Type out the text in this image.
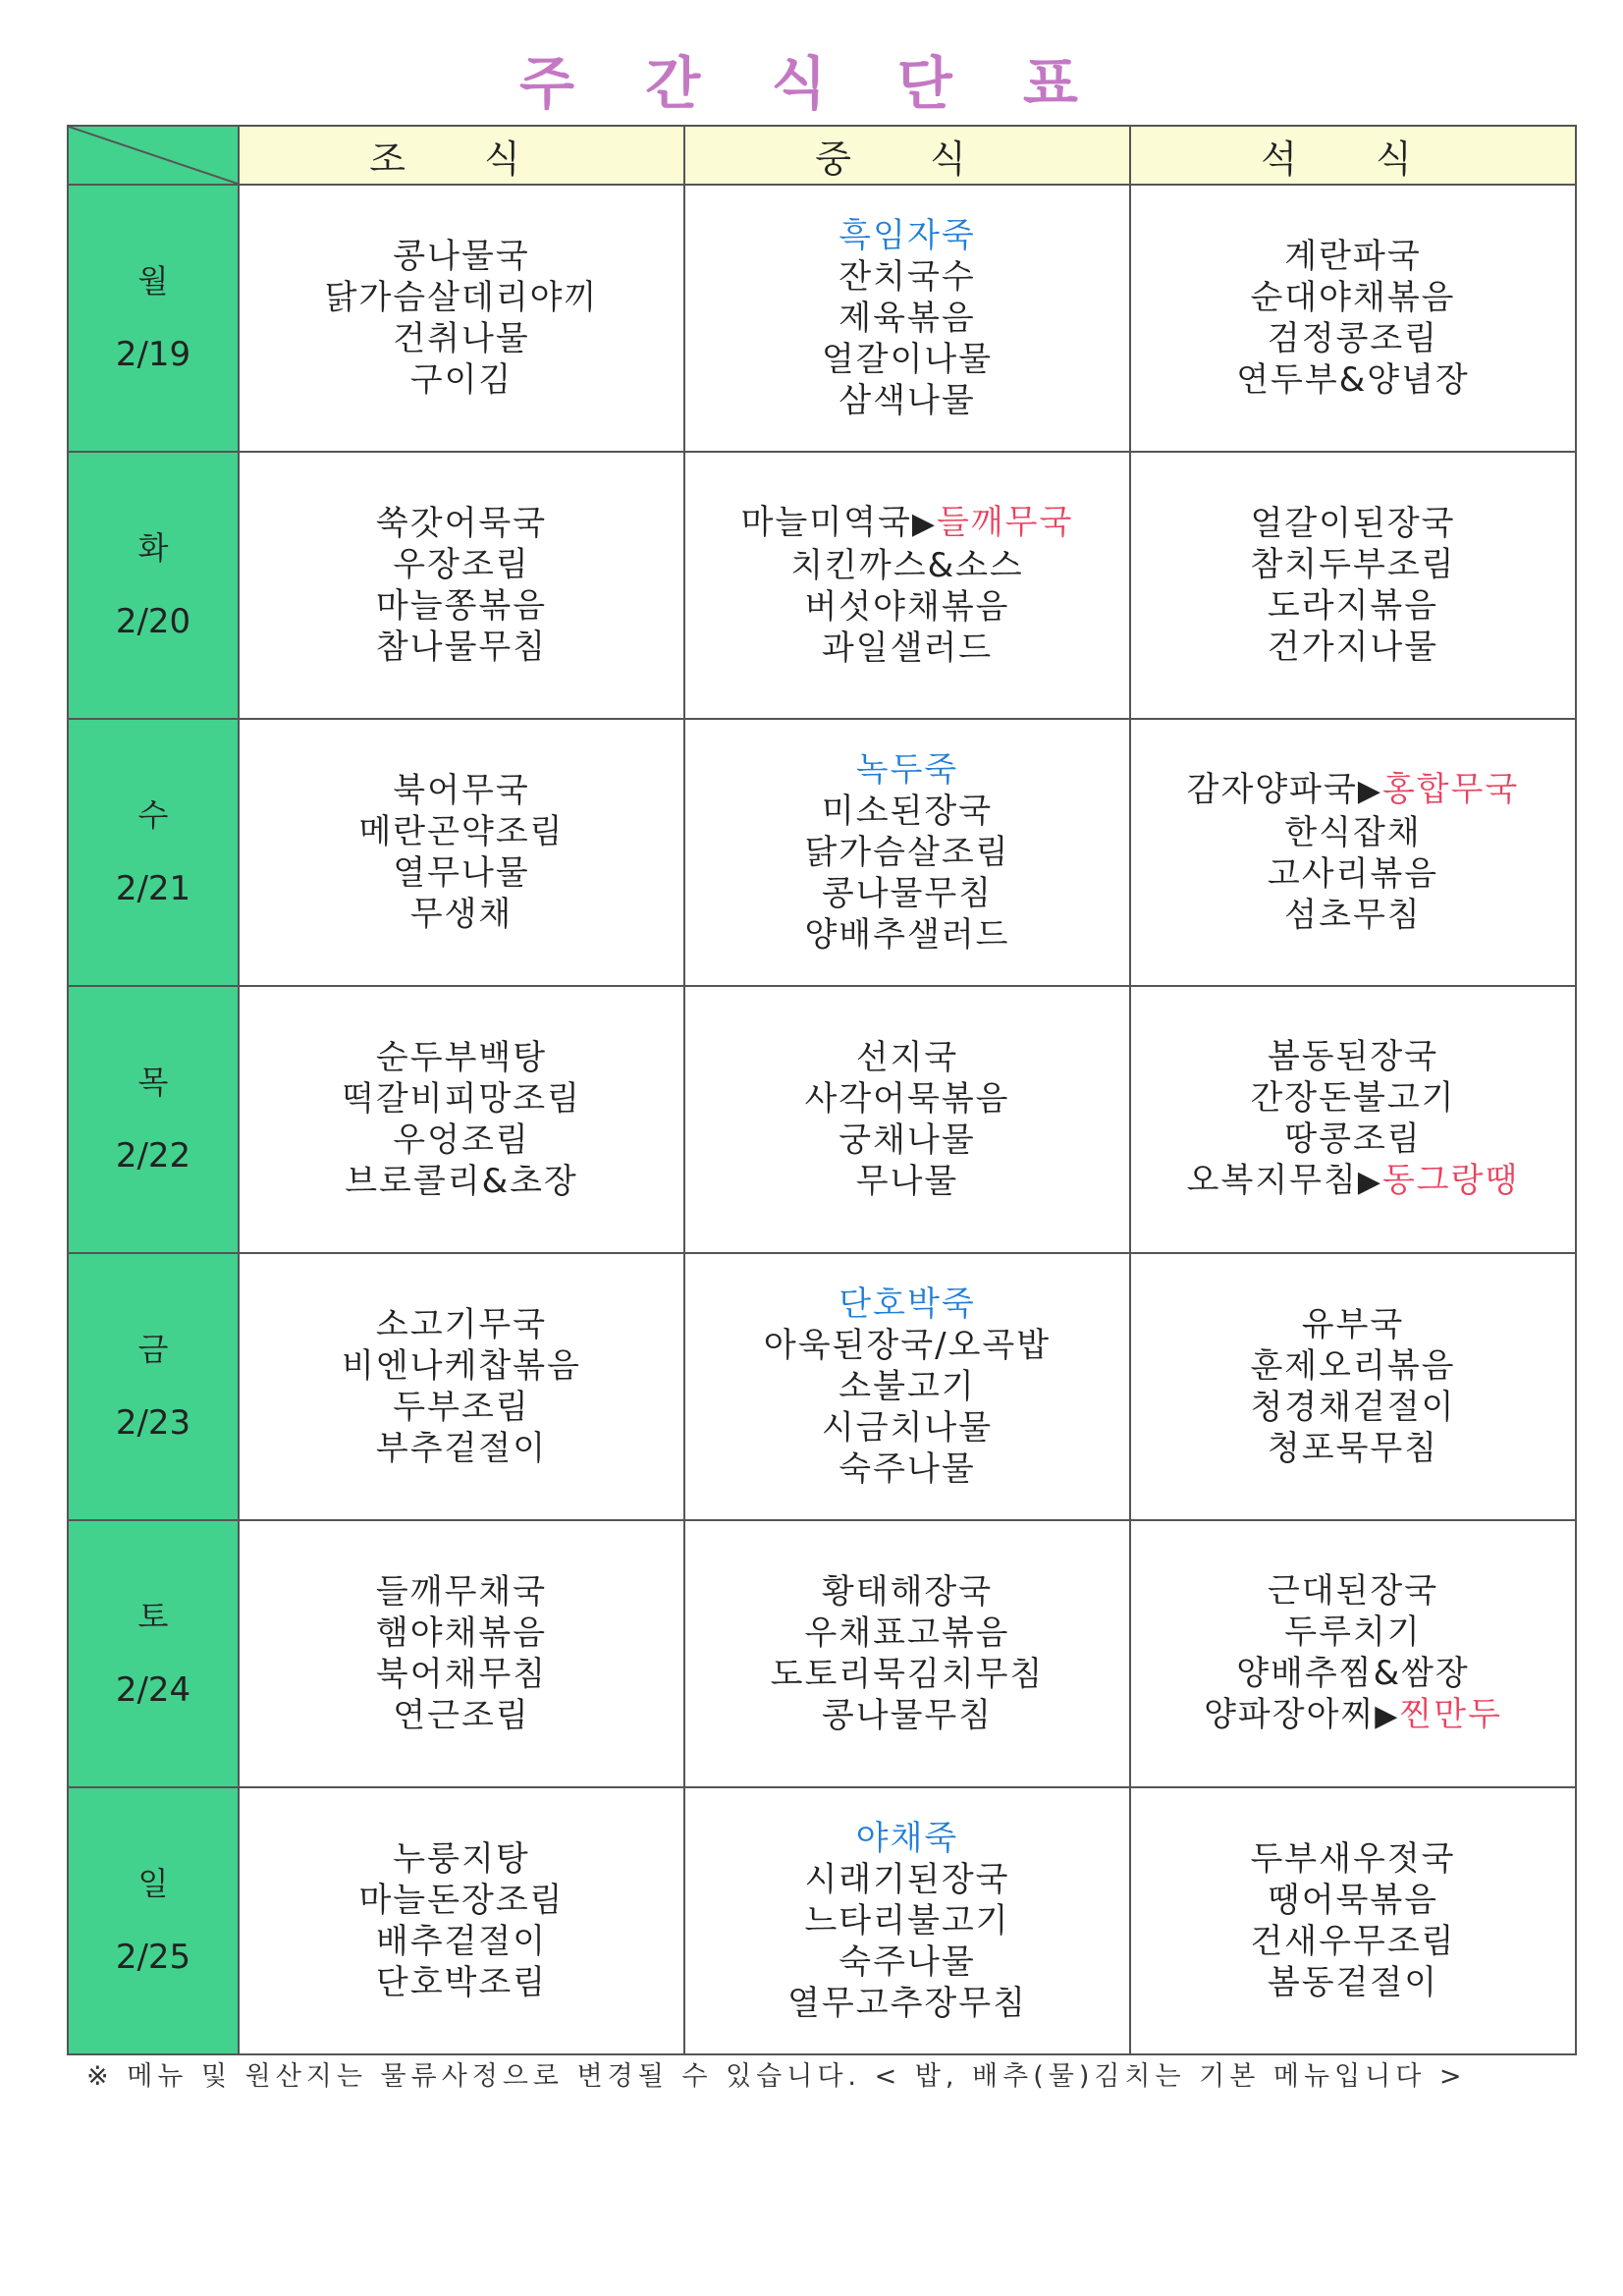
주 간 식 단 표
	조 식	중 식	석 식

월
2/19	콩나물국
닭가슴살데리야끼
건취나물
구이김	흑임자죽
잔치국수
제육볶음
얼갈이나물
삼색나물	계란파국
순대야채볶음
검정콩조림
연두부&양념장

화
2/20	쑥갓어묵국
우장조림
마늘쫑볶음
참나물무침	마늘미역국▶들깨무국
치킨까스&소스
버섯야채볶음
과일샐러드	얼갈이된장국
참치두부조림
도라지볶음
건가지나물

수
2/21	북어무국
메란곤약조림
열무나물
무생채	녹두죽
미소된장국
닭가슴살조림
콩나물무침
양배추샐러드	감자양파국▶홍합무국
한식잡채
고사리볶음
섬초무침

목
2/22	순두부백탕
떡갈비피망조림
우엉조림
브로콜리&초장	선지국
사각어묵볶음
궁채나물
무나물	봄동된장국
간장돈불고기
땅콩조림
오복지무침▶동그랑땡

금
2/23	소고기무국
비엔나케찹볶음
두부조림
부추겉절이	단호박죽
아욱된장국/오곡밥
소불고기
시금치나물
숙주나물	유부국
훈제오리볶음
청경채겉절이
청포묵무침

토
2/24	들깨무채국
햄야채볶음
북어채무침
연근조림	황태해장국
우채표고볶음
도토리묵김치무침
콩나물무침	근대된장국
두루치기
양배추찜&쌈장
양파장아찌▶찐만두

일
2/25	누룽지탕
마늘돈장조림
배추겉절이
단호박조림	야채죽
시래기된장국
느타리불고기
숙주나물
열무고추장무침	두부새우젓국
땡어묵볶음
건새우무조림
봄동겉절이
※ 메뉴 및 원산지는 물류사정으로 변경될 수 있습니다. < 밥, 배추(물)김치는 기본 메뉴입니다 >
